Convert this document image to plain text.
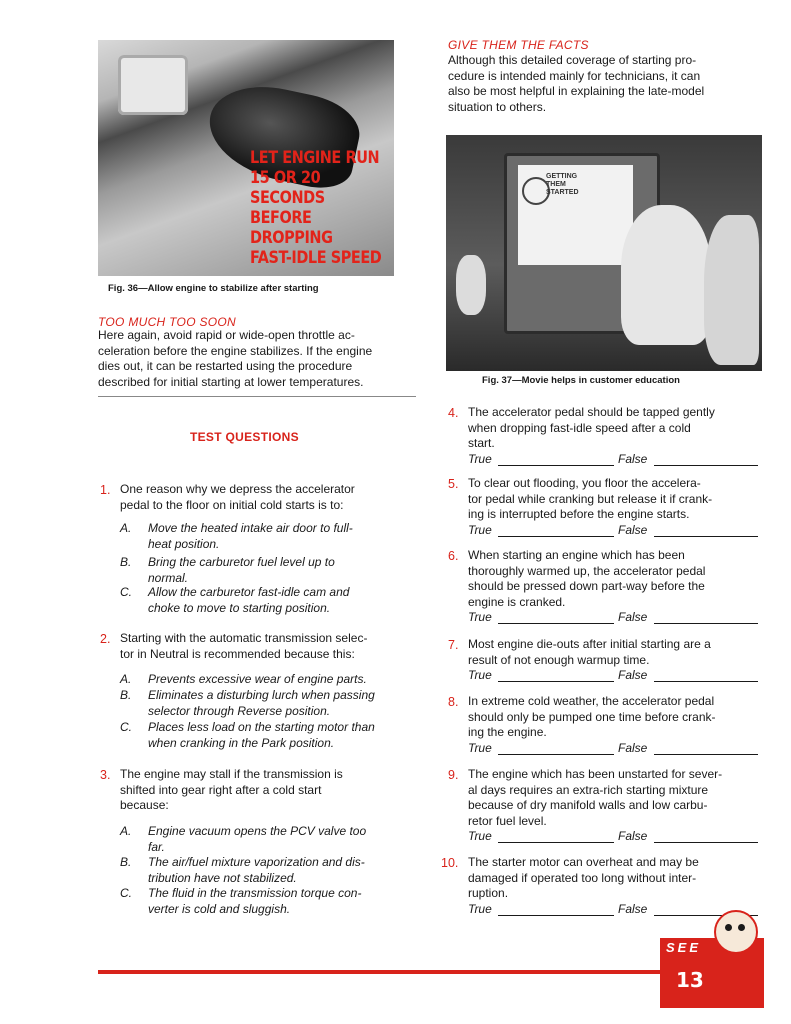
LET ENGINE RUN
15 OR 20 SECONDS
BEFORE DROPPING
FAST-IDLE SPEED
Fig. 36—Allow engine to stabilize after starting
TOO MUCH TOO SOON
Here again, avoid rapid or wide-open throttle ac-
celeration before the engine stabilizes. If the engine
dies out, it can be restarted using the procedure
described for initial starting at lower temperatures.
GIVE THEM THE FACTS
Although this detailed coverage of starting pro-
cedure is intended mainly for technicians, it can
also be most helpful in explaining the late-model
situation to others.
GETTING
THEM
STARTED
Fig. 37—Movie helps in customer education
TEST QUESTIONS
1. One reason why we depress the accelerator
pedal to the floor on initial cold starts is to:
A. Move the heated intake air door to full-
heat position.
B. Bring the carburetor fuel level up to
normal.
C. Allow the carburetor fast-idle cam and
choke to move to starting position.
2. Starting with the automatic transmission selec-
tor in Neutral is recommended because this:
A. Prevents excessive wear of engine parts.
B. Eliminates a disturbing lurch when passing
selector through Reverse position.
C. Places less load on the starting motor than
when cranking in the Park position.
3. The engine may stall if the transmission is
shifted into gear right after a cold start
because:
A. Engine vacuum opens the PCV valve too
far.
B. The air/fuel mixture vaporization and dis-
tribution have not stabilized.
C. The fluid in the transmission torque con-
verter is cold and sluggish.
4. The accelerator pedal should be tapped gently
when dropping fast-idle speed after a cold
start.
True	False
5. To clear out flooding, you floor the accelera-
tor pedal while cranking but release it if crank-
ing is interrupted before the engine starts.
True	False
6. When starting an engine which has been
thoroughly warmed up, the accelerator pedal
should be pressed down part-way before the
engine is cranked.
True	False
7. Most engine die-outs after initial starting are a
result of not enough warmup time.
True	False
8. In extreme cold weather, the accelerator pedal
should only be pumped one time before crank-
ing the engine.
True	False
9. The engine which has been unstarted for sever-
al days requires an extra-rich starting mixture
because of dry manifold walls and low carbu-
retor fuel level.
True	False
10. The starter motor can overheat and may be
damaged if operated too long without inter-
ruption.
True	False
SEE
13
